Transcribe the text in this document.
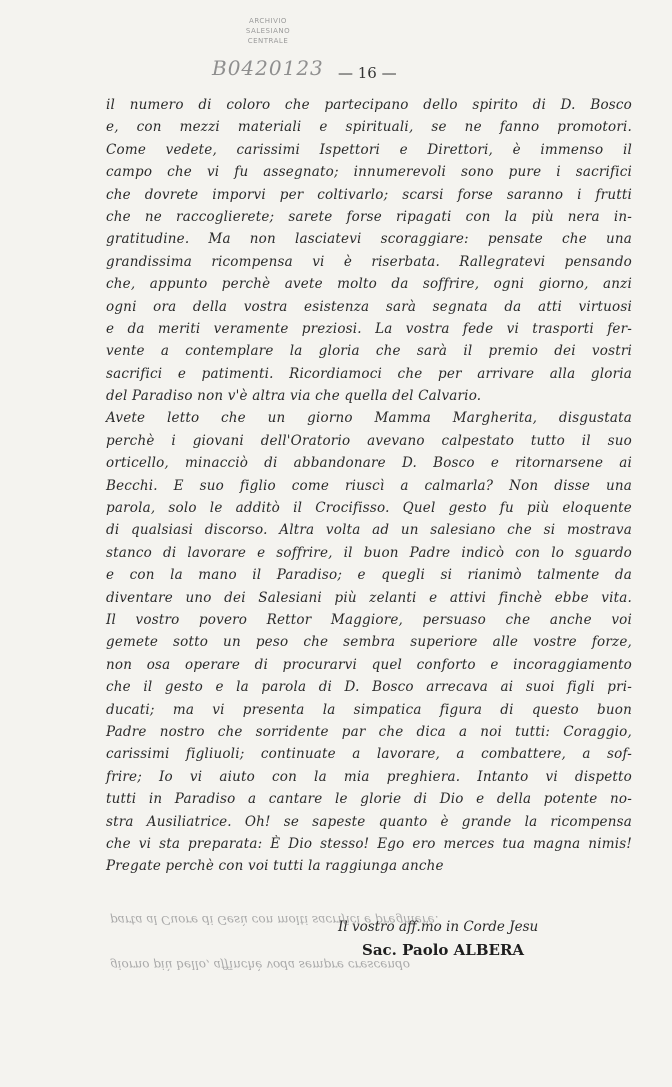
ARCHIVIO SALESIANO
CENTRALE
B0420123 — 16 —
il numero di coloro che partecipano dello spirito di D. Bosco
e, con mezzi materiali e spirituali, se ne fanno promotori.
Come vedete, carissimi Ispettori e Direttori, è immenso il
campo che vi fu assegnato; innumerevoli sono pure i sacrifici
che dovrete imporvi per coltivarlo; scarsi forse saranno i frutti
che ne raccoglierete; sarete forse ripagati con la più nera in-
gratitudine. Ma non lasciatevi scoraggiare: pensate che una
grandissima ricompensa vi è riserbata. Rallegratevi pensando
che, appunto perchè avete molto da soffrire, ogni giorno, anzi
ogni ora della vostra esistenza sarà segnata da atti virtuosi
e da meriti veramente preziosi. La vostra fede vi trasporti fer-
vente a contemplare la gloria che sarà il premio dei vostri
sacrifici e patimenti. Ricordiamoci che per arrivare alla gloria
del Paradiso non v'è altra via che quella del Calvario.
Avete letto che un giorno Mamma Margherita, disgustata
perchè i giovani dell'Oratorio avevano calpestato tutto il suo
orticello, minacciò di abbandonare D. Bosco e ritornarsene ai
Becchi. E suo figlio come riuscì a calmarla? Non disse una
parola, solo le additò il Crocifisso. Quel gesto fu più eloquente
di qualsiasi discorso. Altra volta ad un salesiano che si mostrava
stanco di lavorare e soffrire, il buon Padre indicò con lo sguardo
e con la mano il Paradiso; e quegli si rianimò talmente da
diventare uno dei Salesiani più zelanti e attivi finchè ebbe vita.
Il vostro povero Rettor Maggiore, persuaso che anche voi
gemete sotto un peso che sembra superiore alle vostre forze,
non osa operare di procurarvi quel conforto e incoraggiamento
che il gesto e la parola di D. Bosco arrecava ai suoi figli pri-
ducati; ma vi presenta la simpatica figura di questo buon
Padre nostro che sorridente par che dica a noi tutti: Coraggio,
carissimi figliuoli; continuate a lavorare, a combattere, a sof-
frire; Io vi aiuto con la mia preghiera. Intanto vi dispetto
tutti in Paradiso a cantare le glorie di Dio e della potente no-
stra Ausiliatrice. Oh! se sapeste quanto è grande la ricompensa
che vi sta preparata: È Dio stesso! Ego ero merces tua magna nimis!
Pregate perchè con voi tutti la raggiunga anche
parta al Cuore di Gesù con molti sacrifici e preghiere.
giorno più bello, affinchè voda sempre crescendo
Il vostro aff.mo in Corde Jesu
Sac. Paolo ALBERA
